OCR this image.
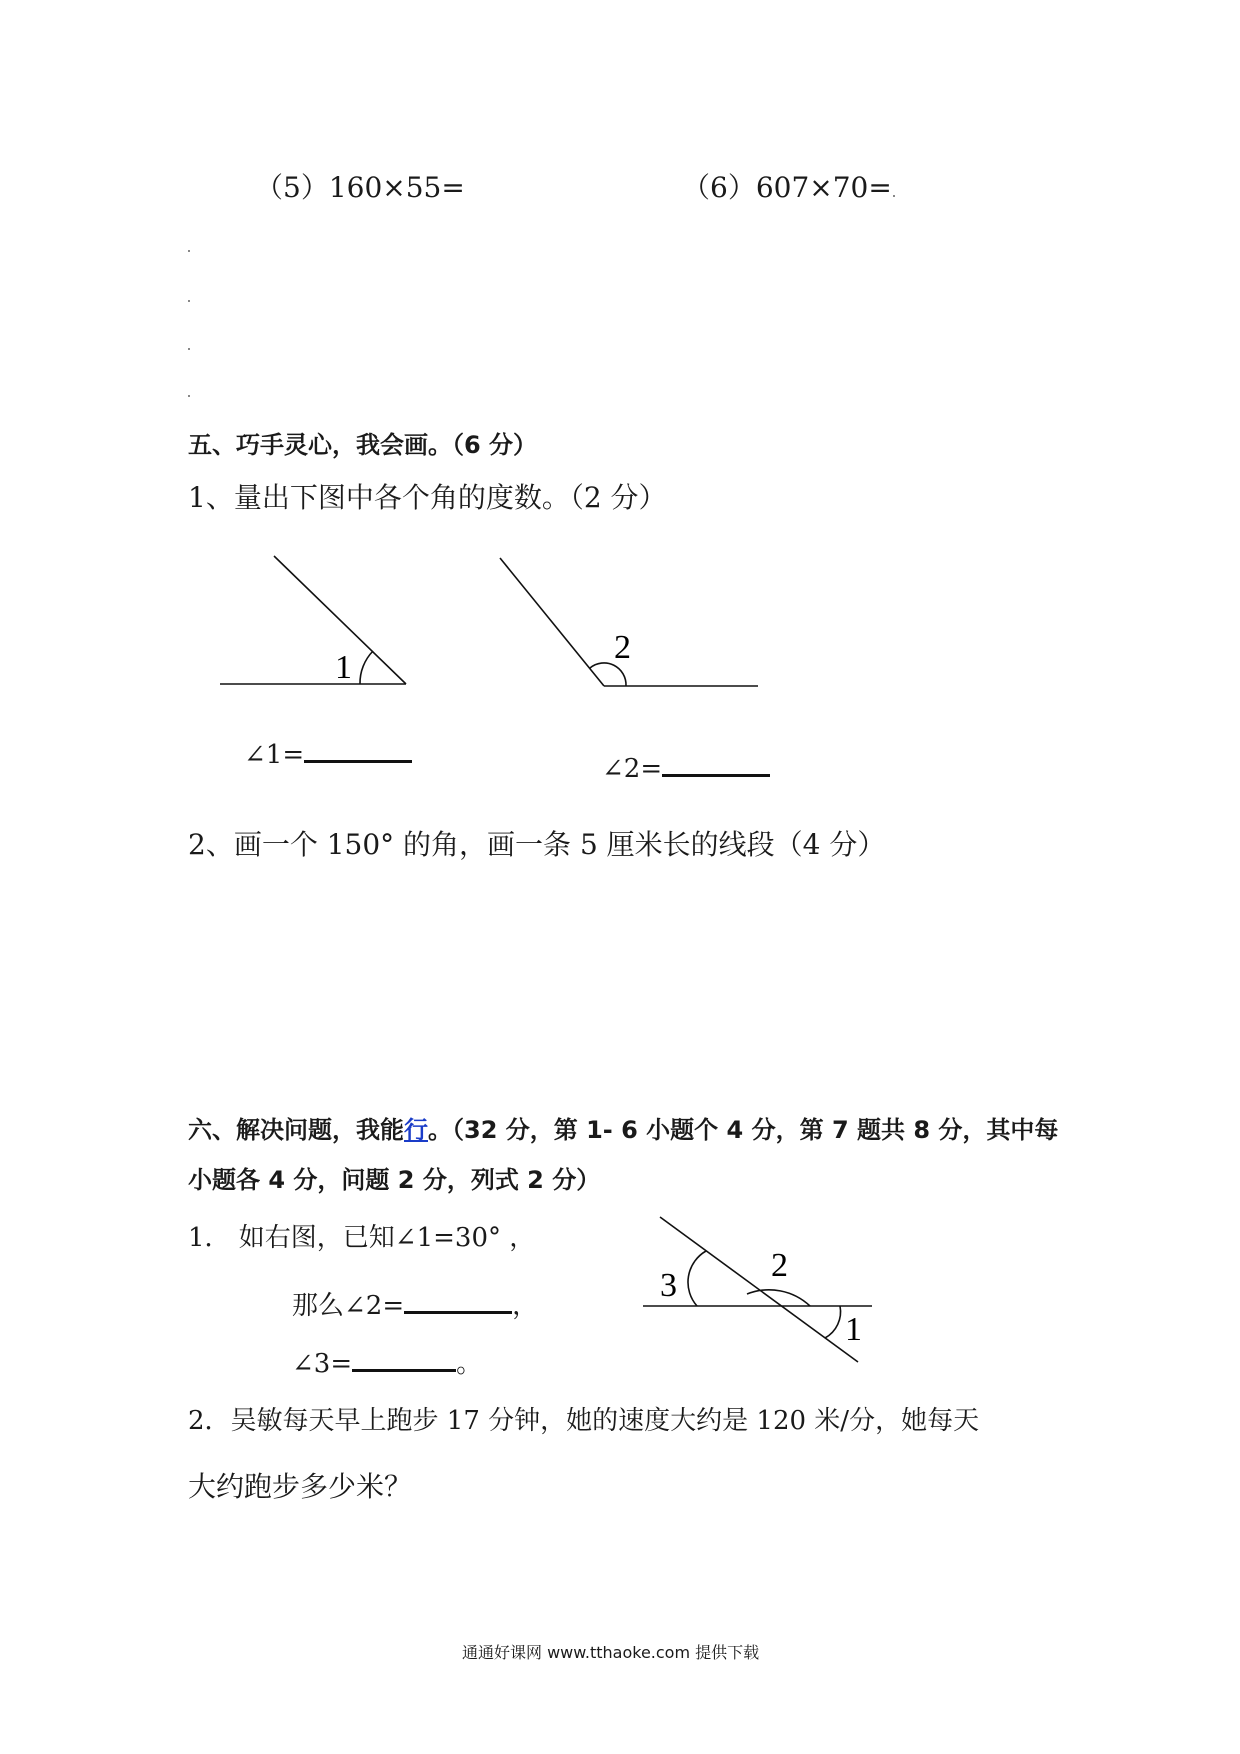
（5）160×55=	（6）607×70=
五、巧手灵心，我会画。（6 分）
1、量出下图中各个角的度数。（2 分）
1
2
3
2
1
∠1=	∠2=
2、画一个 150° 的角，画一条 5 厘米长的线段（4 分）
六、解决问题，我能行。（32 分，第 1- 6 小题个 4 分，第 7 题共 8 分，其中每
小题各 4 分，问题 2 分，列式 2 分）
1． 如右图，已知∠1=30° ，
那么∠2=	，
∠3=	。
2．吴敏每天早上跑步 17 分钟，她的速度大约是 120 米/分，她每天
大约跑步多少米？
通通好课网 www.tthaoke.com 提供下载
